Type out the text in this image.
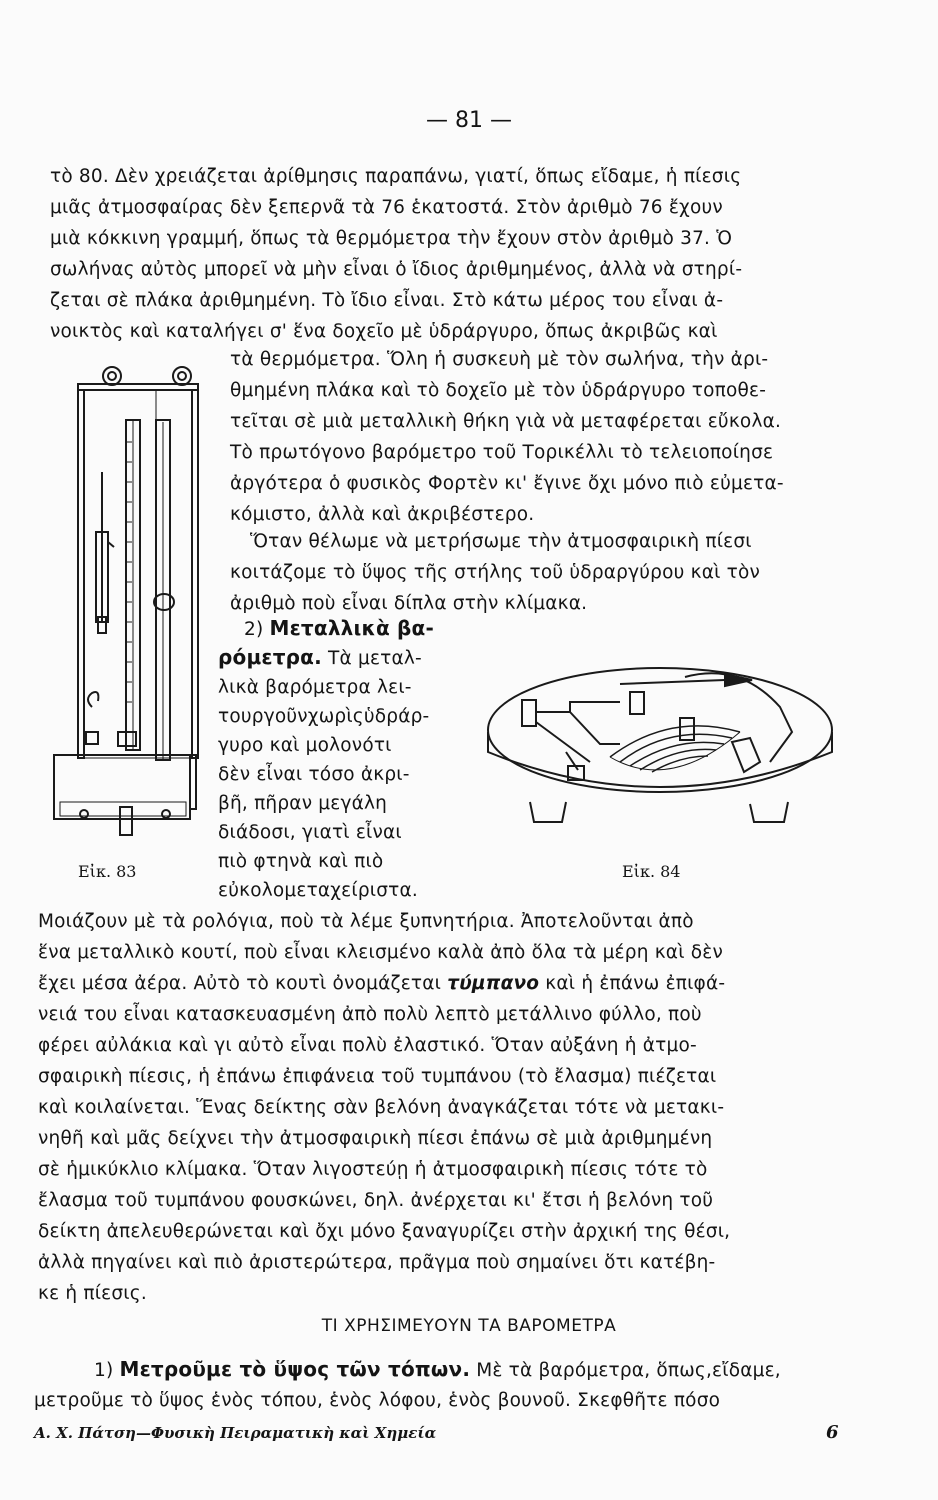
— 81 —
τὸ 80. Δὲν χρειάζεται ἀρίθμησις παραπάνω, γιατί, ὅπως εἴδαμε, ἡ πίεσις
μιᾶς ἀτμοσφαίρας δὲν ξεπερνᾶ τὰ 76 ἑκατοστά. Στὸν ἀριθμὸ 76 ἔχουν
μιὰ κόκκινη γραμμή, ὅπως τὰ θερμόμετρα τὴν ἔχουν στὸν ἀριθμὸ 37. Ὁ
σωλήνας αὐτὸς μπορεῖ νὰ μὴν εἶναι ὁ ἴδιος ἀριθμημένος, ἀλλὰ νὰ στηρί-
ζεται σὲ πλάκα ἀριθμημένη. Τὸ ἴδιο εἶναι. Στὸ κάτω μέρος του εἶναι ἀ-
νοικτὸς καὶ καταλήγει σ' ἕνα δοχεῖο μὲ ὑδράργυρο, ὅπως ἀκριβῶς καὶ
τὰ θερμόμετρα. Ὅλη ἡ συσκευὴ μὲ τὸν σωλήνα, τὴν ἀρι-
θμημένη πλάκα καὶ τὸ δοχεῖο μὲ τὸν ὑδράργυρο τοποθε-
τεῖται σὲ μιὰ μεταλλικὴ θήκη γιὰ νὰ μεταφέρεται εὔκολα.
Τὸ πρωτόγονο βαρόμετρο τοῦ Τορικέλλι τὸ τελειοποίησε
ἀργότερα ὁ φυσικὸς Φορτὲν κι' ἔγινε ὄχι μόνο πιὸ εὐμετα-
κόμιστο, ἀλλὰ καὶ ἀκριβέστερο.
Ὅταν θέλωμε νὰ μετρήσωμε τὴν ἀτμοσφαιρικὴ πίεσι
κοιτάζομε τὸ ὕψος τῆς στήλης τοῦ ὑδραργύρου καὶ τὸν
ἀριθμὸ ποὺ εἶναι δίπλα στὴν κλίμακα.
2) Μεταλλικὰ βα-
ρόμετρα. Τὰ μεταλ-
λικὰ βαρόμετρα λει-
τουργοῦνχωρὶςὑδράρ-
γυρο καὶ μολονότι
δὲν εἶναι τόσο ἀκρι-
βῆ, πῆραν μεγάλη
διάδοσι, γιατὶ εἶναι
πιὸ φτηνὰ καὶ πιὸ
εὐκολομεταχείριστα.
Εἰκ. 83	Εἰκ. 84
Μοιάζουν μὲ τὰ ρολόγια, ποὺ τὰ λέμε ξυπνητήρια. Ἀποτελοῦνται ἀπὸ
ἕνα μεταλλικὸ κουτί, ποὺ εἶναι κλεισμένο καλὰ ἀπὸ ὅλα τὰ μέρη καὶ δὲν
ἔχει μέσα ἀέρα. Αὐτὸ τὸ κουτὶ ὀνομάζεται τύμπανο καὶ ἡ ἐπάνω ἐπιφά-
νειά του εἶναι κατασκευασμένη ἀπὸ πολὺ λεπτὸ μετάλλινο φύλλο, ποὺ
φέρει αὐλάκια καὶ γι αὐτὸ εἶναι πολὺ ἐλαστικό. Ὅταν αὐξάνη ἡ ἀτμο-
σφαιρικὴ πίεσις, ἡ ἐπάνω ἐπιφάνεια τοῦ τυμπάνου (τὸ ἔλασμα) πιέζεται
καὶ κοιλαίνεται. Ἕνας δείκτης σὰν βελόνη ἀναγκάζεται τότε νὰ μετακι-
νηθῆ καὶ μᾶς δείχνει τὴν ἀτμοσφαιρικὴ πίεσι ἐπάνω σὲ μιὰ ἀριθμημένη
σὲ ἡμικύκλιο κλίμακα. Ὅταν λιγοστεύῃ ἡ ἀτμοσφαιρικὴ πίεσις τότε τὸ
ἔλασμα τοῦ τυμπάνου φουσκώνει, δηλ. ἀνέρχεται κι' ἔτσι ἡ βελόνη τοῦ
δείκτη ἀπελευθερώνεται καὶ ὄχι μόνο ξαναγυρίζει στὴν ἀρχική της θέσι,
ἀλλὰ πηγαίνει καὶ πιὸ ἀριστερώτερα, πρᾶγμα ποὺ σημαίνει ὅτι κατέβη-
κε ἡ πίεσις.
ΤΙ ΧΡΗΣΙΜΕΥΟΥΝ ΤΑ ΒΑΡΟΜΕΤΡΑ
1) Μετροῦμε τὸ ὕψος τῶν τόπων. Μὲ τὰ βαρόμετρα, ὅπως,εἴδαμε,
μετροῦμε τὸ ὕψος ἑνὸς τόπου, ἑνὸς λόφου, ἑνὸς βουνοῦ. Σκεφθῆτε πόσο
Α. Χ. Πάτση—Φυσικὴ Πειραματικὴ καὶ Χημεία	6
